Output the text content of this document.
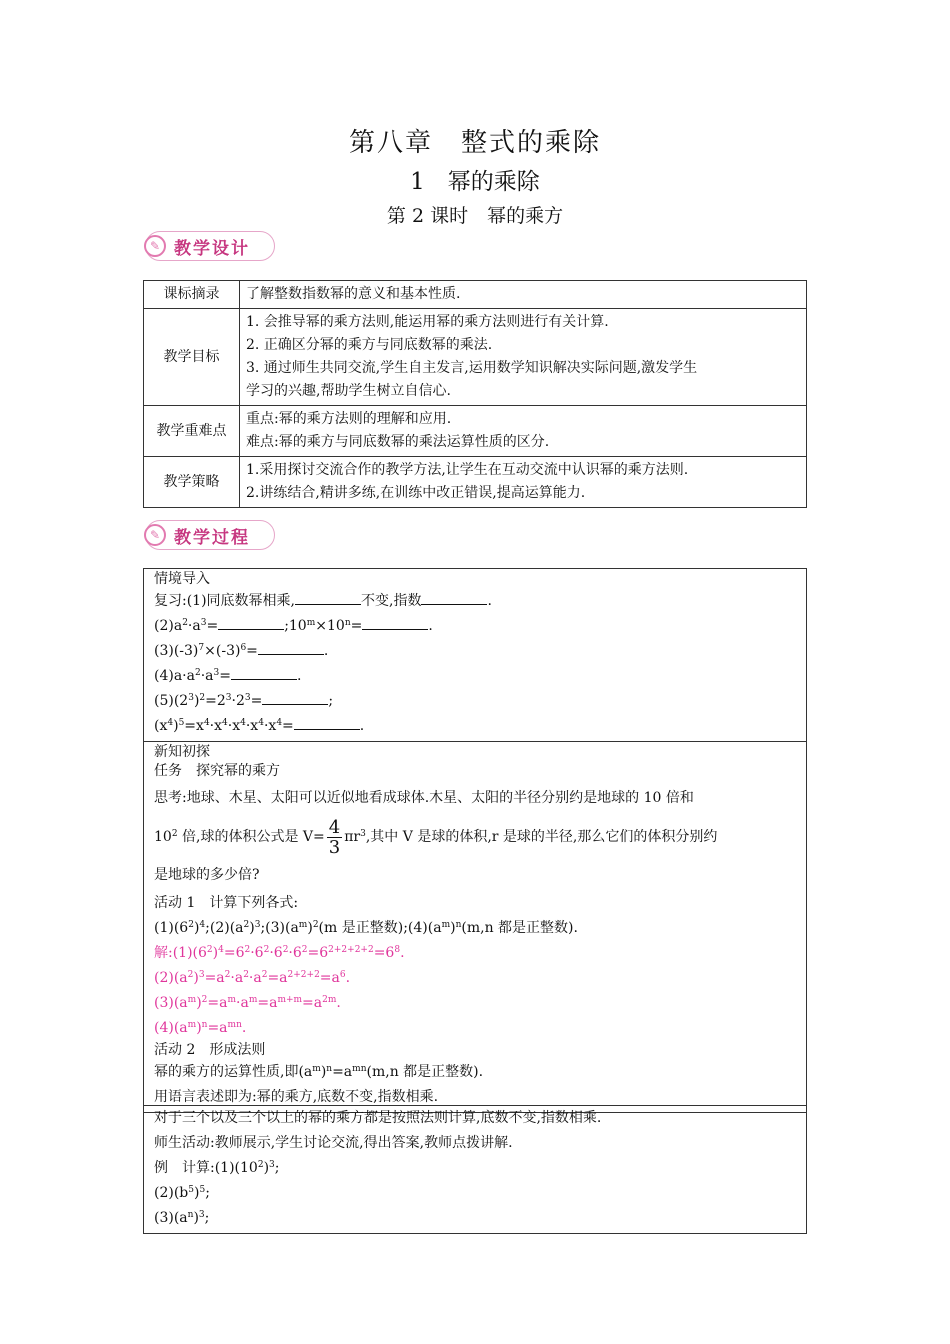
第八章　整式的乘除
1　幂的乘除
第 2 课时　幂的乘方
✎ 教学设计
课标摘录	了解整数指数幂的意义和基本性质.

教学目标	1. 会推导幂的乘方法则,能运用幂的乘方法则进行有关计算.
2. 正确区分幂的乘方与同底数幂的乘法.
3. 通过师生共同交流,学生自主发言,运用数学知识解决实际问题,激发学生
学习的兴趣,帮助学生树立自信心.

教学重难点	重点:幂的乘方法则的理解和应用.
难点:幂的乘方与同底数幂的乘法运算性质的区分.

教学策略	1.采用探讨交流合作的教学方法,让学生在互动交流中认识幂的乘方法则.
2.讲练结合,精讲多练,在训练中改正错误,提高运算能力.
✎ 教学过程
情境导入
复习:(1)同底数幂相乘,	不变,指数	.
$(2)a^2\cdot a^3=$	$;10^m\times 10^n=$	.
$(3)(-3)^7\times(-3)^6=$	.
$(4)a\cdot a^2\cdot a^3=$	.
$(5)(2^3)^2=2^3\cdot 2^3=$	;
$(x^4)^5=x^4\cdot x^4\cdot x^4\cdot x^4\cdot x^4=$	.
新知初探
任务　探究幂的乘方
思考:地球、木星、太阳可以近似地看成球体.木星、太阳的半径分别约是地球的 10 倍和
$10^2$ 倍,球的体积公式是 $V= \frac{4}{3} \pi r^3$,其中 V 是球的体积,r 是球的半径,那么它们的体积分别约
是地球的多少倍?
活动 1　计算下列各式:
$(1)(6^2)^4;(2)(a^2)^3;(3)(a^m)^2(m$ 是正整数)$;(4)(a^m)^n(m,n$ 都是正整数).
解$:(1)(6^2)^4=6^2\cdot 6^2\cdot 6^2\cdot 6^2=6^{2+2+2+2}=6^8$.
$(2)(a^2)^3=a^2\cdot a^2\cdot a^2=a^{2+2+2}=a^6$.
$(3)(a^m)^2=a^m\cdot a^m=a^{m+m}=a^{2m}$.
$(4)(a^m)^n=a^{mn}$.
活动 2　形成法则
幂的乘方的运算性质,即$(a^m)^n=a^{mn}(m,n$ 都是正整数).
用语言表述即为:幂的乘方,底数不变,指数相乘.
对于三个以及三个以上的幂的乘方都是按照法则计算,底数不变,指数相乘.
师生活动:教师展示,学生讨论交流,得出答案,教师点拨讲解.
例　计算$:(1)(10^2)^3$;
$(2)(b^5)^5$;
$(3)(a^n)^3$;
